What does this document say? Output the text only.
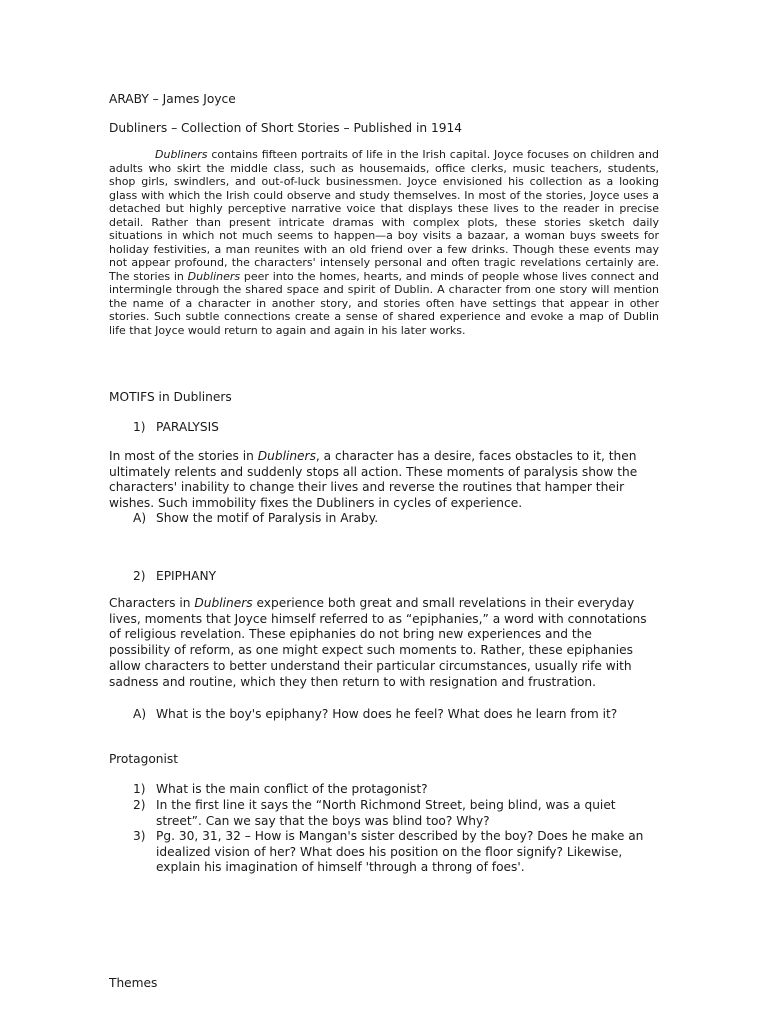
ARABY – James Joyce
Dubliners – Collection of Short Stories – Published in 1914

Dubliners contains fifteen portraits of life in the Irish capital. Joyce focuses on children and adults who skirt the middle class, such as housemaids, office clerks, music teachers, students, shop girls, swindlers, and out-of-luck businessmen. Joyce envisioned his collection as a looking glass with which the Irish could observe and study themselves. In most of the stories, Joyce uses a detached but highly perceptive narrative voice that displays these lives to the reader in precise detail. Rather than present intricate dramas with complex plots, these stories sketch daily situations in which not much seems to happen—a boy visits a bazaar, a woman buys sweets for holiday festivities, a man reunites with an old friend over a few drinks. Though these events may not appear profound, the characters' intensely personal and often tragic revelations certainly are. The stories in Dubliners peer into the homes, hearts, and minds of people whose lives connect and intermingle through the shared space and spirit of Dublin. A character from one story will mention the name of a character in another story, and stories often have settings that appear in other stories. Such subtle connections create a sense of shared experience and evoke a map of Dublin life that Joyce would return to again and again in his later works.

MOTIFS in Dubliners
1) PARALYSIS

In most of the stories in Dubliners, a character has a desire, faces obstacles to it, then ultimately relents and suddenly stops all action. These moments of paralysis show the characters' inability to change their lives and reverse the routines that hamper their wishes. Such immobility fixes the Dubliners in cycles of experience.

A) Show the motif of Paralysis in Araby.
2) EPIPHANY

Characters in Dubliners experience both great and small revelations in their everyday lives, moments that Joyce himself referred to as “epiphanies,” a word with connotations of religious revelation. These epiphanies do not bring new experiences and the possibility of reform, as one might expect such moments to. Rather, these epiphanies allow characters to better understand their particular circumstances, usually rife with sadness and routine, which they then return to with resignation and frustration.

A) What is the boy's epiphany? How does he feel? What does he learn from it?
Protagonist
1) What is the main conflict of the protagonist?
2) In the first line it says the “North Richmond Street, being blind, was a quiet street”. Can we say that the boys was blind too? Why?
3) Pg. 30, 31, 32 – How is Mangan's sister described by the boy? Does he make an idealized vision of her? What does his position on the floor signify? Likewise, explain his imagination of himself 'through a throng of foes'.
Themes
